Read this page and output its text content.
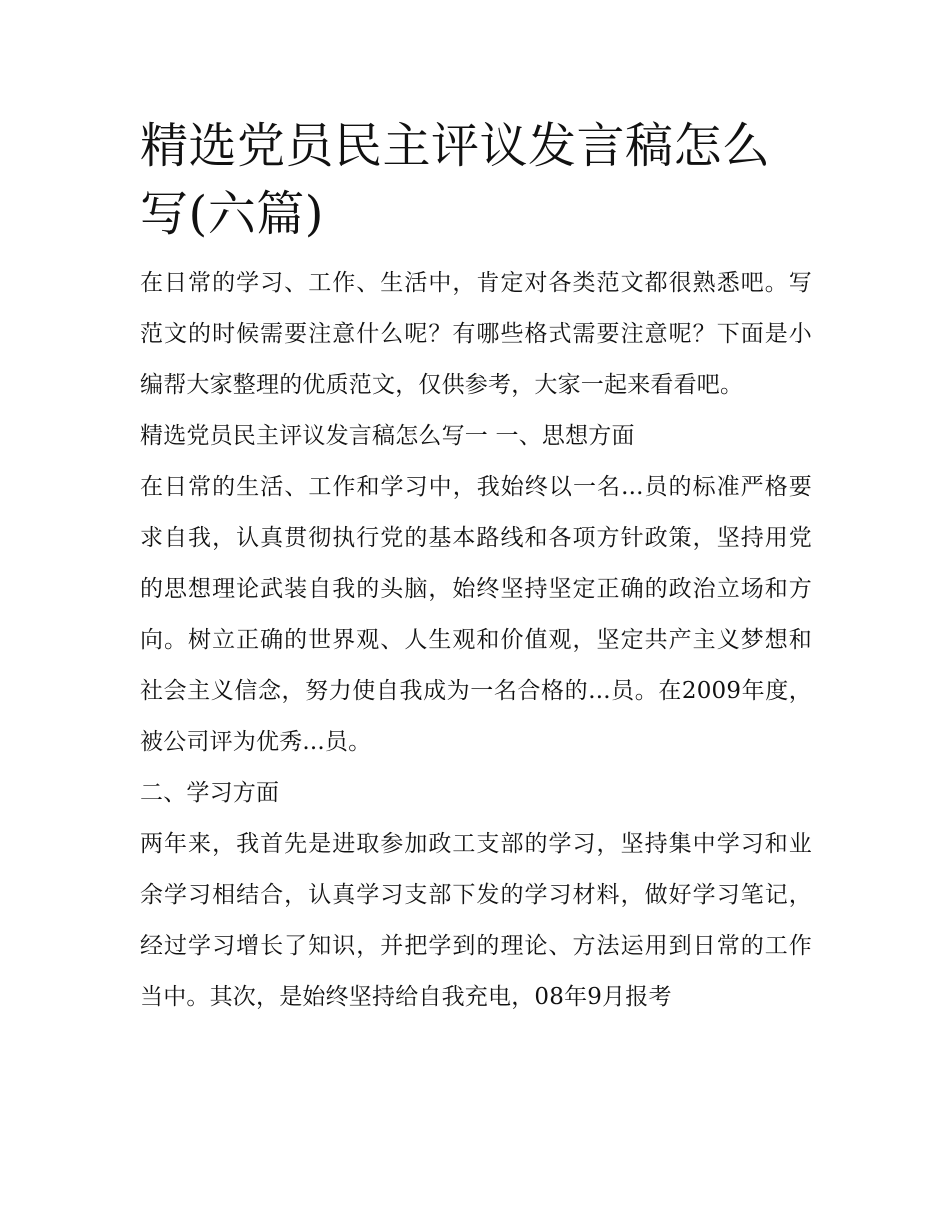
精选党员民主评议发言稿怎么写(六篇)

在日常的学习、工作、生活中，肯定对各类范文都很熟悉吧。写范文的时候需要注意什么呢？有哪些格式需要注意呢？下面是小编帮大家整理的优质范文，仅供参考，大家一起来看看吧。

精选党员民主评议发言稿怎么写一 一、思想方面

在日常的生活、工作和学习中，我始终以一名...员的标准严格要求自我，认真贯彻执行党的基本路线和各项方针政策，坚持用党的思想理论武装自我的头脑，始终坚持坚定正确的政治立场和方向。树立正确的世界观、人生观和价值观，坚定共产主义梦想和社会主义信念，努力使自我成为一名合格的...员。在2009年度，被公司评为优秀...员。

二、学习方面

两年来，我首先是进取参加政工支部的学习，坚持集中学习和业余学习相结合，认真学习支部下发的学习材料，做好学习笔记，经过学习增长了知识，并把学到的理论、方法运用到日常的工作当中。其次，是始终坚持给自我充电，08年9月报考
